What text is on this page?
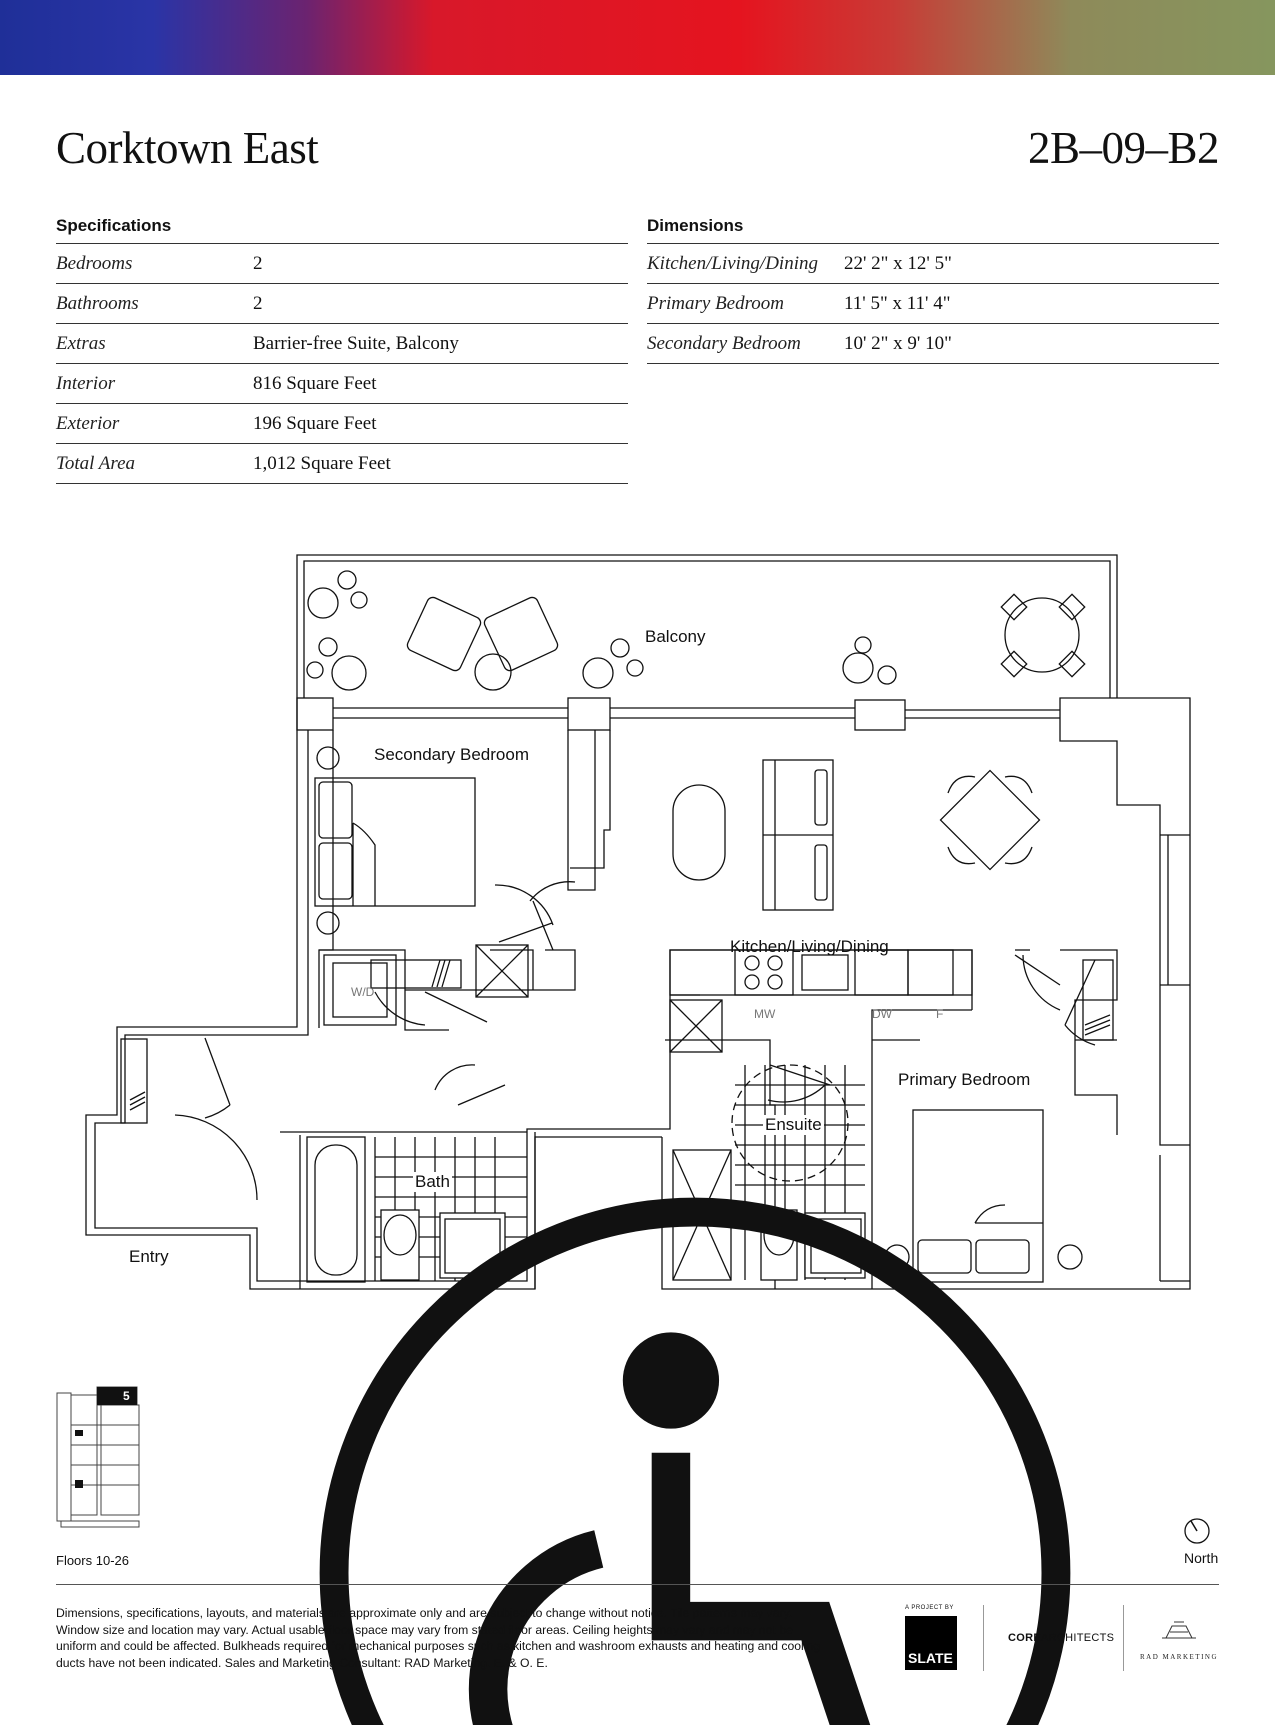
Corktown East	2B–09–B2
Specifications
Bedrooms	2
Bathrooms	2
Extras	Barrier-free Suite, Balcony
Interior	816 Square Feet
Exterior	196 Square Feet
Total Area	1,012 Square Feet
Dimensions
Kitchen/Living/Dining	22' 2" x 12' 5"
Primary Bedroom	11' 5" x 11' 4"
Secondary Bedroom	10' 2" x 9' 10"
Balcony
Secondary Bedroom
Kitchen/Living/Dining
Primary Bedroom
Ensuite
Bath
Entry
W/D
MW	DW	F
5
Floors 10-26	North

Dimensions, specifications, layouts, and materials are approximate only and are subject to change without notice. Tile patterns may vary. Window size and location may vary. Actual usable floor space may vary from stated floor areas. Ceiling heights may vary and may not be uniform and could be affected. Bulkheads required for mechanical purposes such as kitchen and washroom exhausts and heating and cooling ducts have not been indicated. Sales and Marketing Consultant: RAD Marketing. E. & O. E.

A PROJECT BY
SLATE
COREARCHITECTS
RAD MARKETING
